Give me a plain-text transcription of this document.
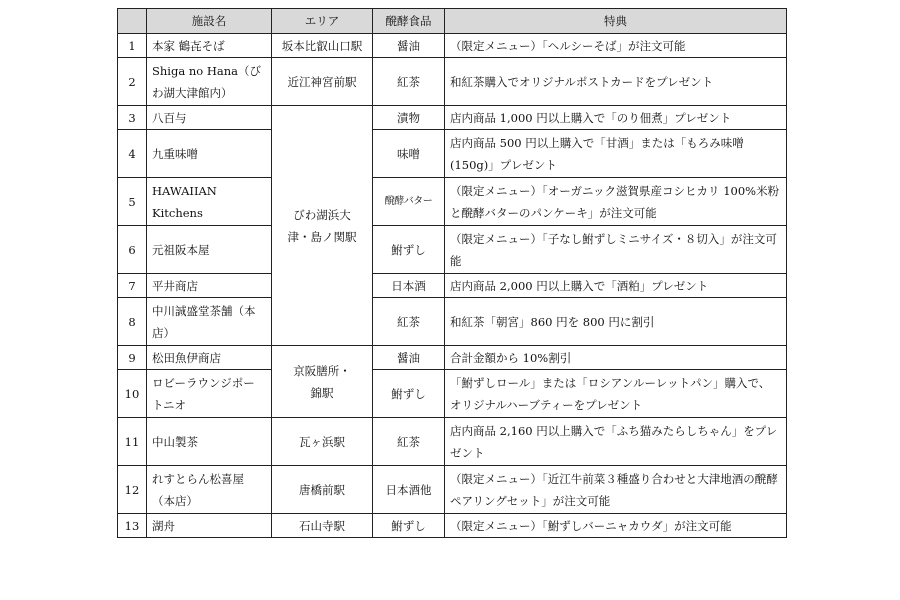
	施設名	エリア	醗酵食品	特典
1	本家 鶴㐂そば	坂本比叡山口駅	醤油	（限定メニュー）「ヘルシーそば」が注文可能
2	Shiga no Hana（びわ湖大津館内）	近江神宮前駅	紅茶	和紅茶購入でオリジナルポストカードをプレゼント
3	八百与	びわ湖浜大津・島ノ関駅	漬物	店内商品 1,000 円以上購入で「のり佃煮」プレゼント
4	九重味噌		味噌	店内商品 500 円以上購入で「甘酒」または「もろみ味噌(150g)」プレゼント
5	HAWAIIAN Kitchens		醗酵バター	（限定メニュー）「オーガニック滋賀県産コシヒカリ 100%米粉と醗酵バターのパンケーキ」が注文可能
6	元祖阪本屋		鮒ずし	（限定メニュー）「子なし鮒ずしミニサイズ・８切入」が注文可能
7	平井商店		日本酒	店内商品 2,000 円以上購入で「酒粕」プレゼント
8	中川誠盛堂茶舗（本店）		紅茶	和紅茶「朝宮」860 円を 800 円に割引
9	松田魚伊商店	京阪膳所・錦駅	醤油	合計金額から 10%割引
10	ロビーラウンジポートニオ		鮒ずし	「鮒ずしロール」または「ロシアンルーレットパン」購入で、オリジナルハーブティーをプレゼント
11	中山製茶	瓦ヶ浜駅	紅茶	店内商品 2,160 円以上購入で「ふち猫みたらしちゃん」をプレゼント
12	れすとらん松喜屋（本店）	唐橋前駅	日本酒他	（限定メニュー）「近江牛前菜３種盛り合わせと大津地酒の醗酵ペアリングセット」が注文可能
13	湖舟	石山寺駅	鮒ずし	（限定メニュー）「鮒ずしバーニャカウダ」が注文可能
